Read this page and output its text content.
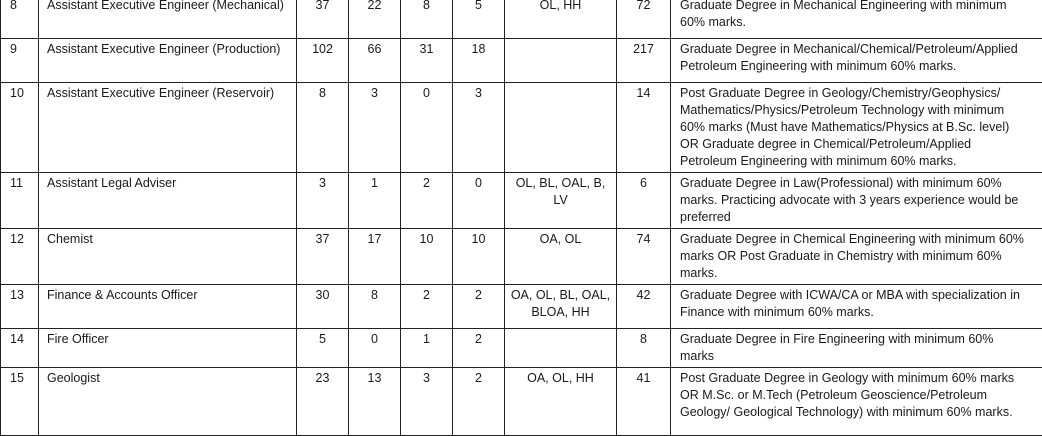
8	Assistant Executive Engineer (Mechanical)	37	22	8	5	OL, HH	72	Graduate Degree in Mechanical Engineering with minimum 60% marks.
9	Assistant Executive Engineer (Production)	102	66	31	18		217	Graduate Degree in Mechanical/Chemical/Petroleum/Applied Petroleum Engineering with minimum 60% marks.
10	Assistant Executive Engineer (Reservoir)	8	3	0	3		14	Post Graduate Degree in Geology/Chemistry/Geophysics/ Mathematics/Physics/Petroleum Technology with minimum 60% marks (Must have Mathematics/Physics at B.Sc. level) OR Graduate degree in Chemical/Petroleum/Applied Petroleum Engineering with minimum 60% marks.
11	Assistant Legal Adviser	3	1	2	0	OL, BL, OAL, B, LV	6	Graduate Degree in Law(Professional) with minimum 60% marks. Practicing advocate with 3 years experience would be preferred
12	Chemist	37	17	10	10	OA, OL	74	Graduate Degree in Chemical Engineering with minimum 60% marks OR Post Graduate in Chemistry with minimum 60% marks.
13	Finance & Accounts Officer	30	8	2	2	OA, OL, BL, OAL, BLOA, HH	42	Graduate Degree with ICWA/CA or MBA with specialization in Finance with minimum 60% marks.
14	Fire Officer	5	0	1	2		8	Graduate Degree in Fire Engineering with minimum 60% marks
15	Geologist	23	13	3	2	OA, OL, HH	41	Post Graduate Degree in Geology with minimum 60% marks OR M.Sc. or M.Tech (Petroleum Geoscience/Petroleum Geology/ Geological Technology) with minimum 60% marks.
